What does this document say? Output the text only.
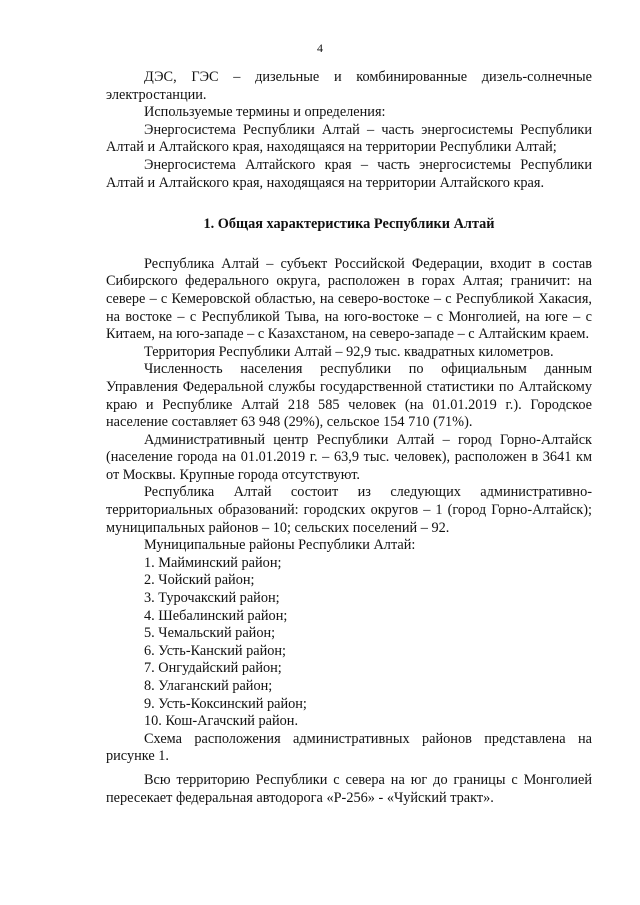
4

ДЭС, ГЭС – дизельные и комбинированные дизель-солнечные электростанции.

Используемые термины и определения:

Энергосистема Республики Алтай – часть энергосистемы Республики Алтай и Алтайского края, находящаяся на территории Республики Алтай;

Энергосистема Алтайского края – часть энергосистемы Республики Алтай и Алтайского края, находящаяся на территории Алтайского края.

1. Общая характеристика Республики Алтай

Республика Алтай – субъект Российской Федерации, входит в состав Сибирского федерального округа, расположен в горах Алтая; граничит: на севере – с Кемеровской областью, на северо-востоке – с Республикой Хакасия, на востоке – с Республикой Тыва, на юго-востоке – с Монголией, на юге – с Китаем, на юго-западе – с Казахстаном, на северо-западе – с Алтайским краем.

Территория Республики Алтай – 92,9 тыс. квадратных километров.

Численность населения республики по официальным данным Управления Федеральной службы государственной статистики по Алтайскому краю и Республике Алтай 218 585 человек (на 01.01.2019 г.). Городское население составляет 63 948 (29%), сельское 154 710 (71%).

Административный центр Республики Алтай – город Горно-Алтайск (население города на 01.01.2019 г. – 63,9 тыс. человек), расположен в 3641 км от Москвы. Крупные города отсутствуют.

Республика Алтай состоит из следующих административно-территориальных образований: городских округов – 1 (город Горно-Алтайск); муниципальных районов – 10; сельских поселений – 92.

Муниципальные районы Республики Алтай:

1. Майминский район;
2. Чойский район;
3. Турочакский район;
4. Шебалинский район;
5. Чемальский район;
6. Усть-Канский район;
7. Онгудайский район;
8. Улаганский район;
9. Усть-Коксинский район;
10. Кош-Агачский район.

Схема расположения административных районов представлена на рисунке 1.

Всю территорию Республики с севера на юг до границы с Монголией пересекает федеральная автодорога «Р-256» - «Чуйский тракт».
